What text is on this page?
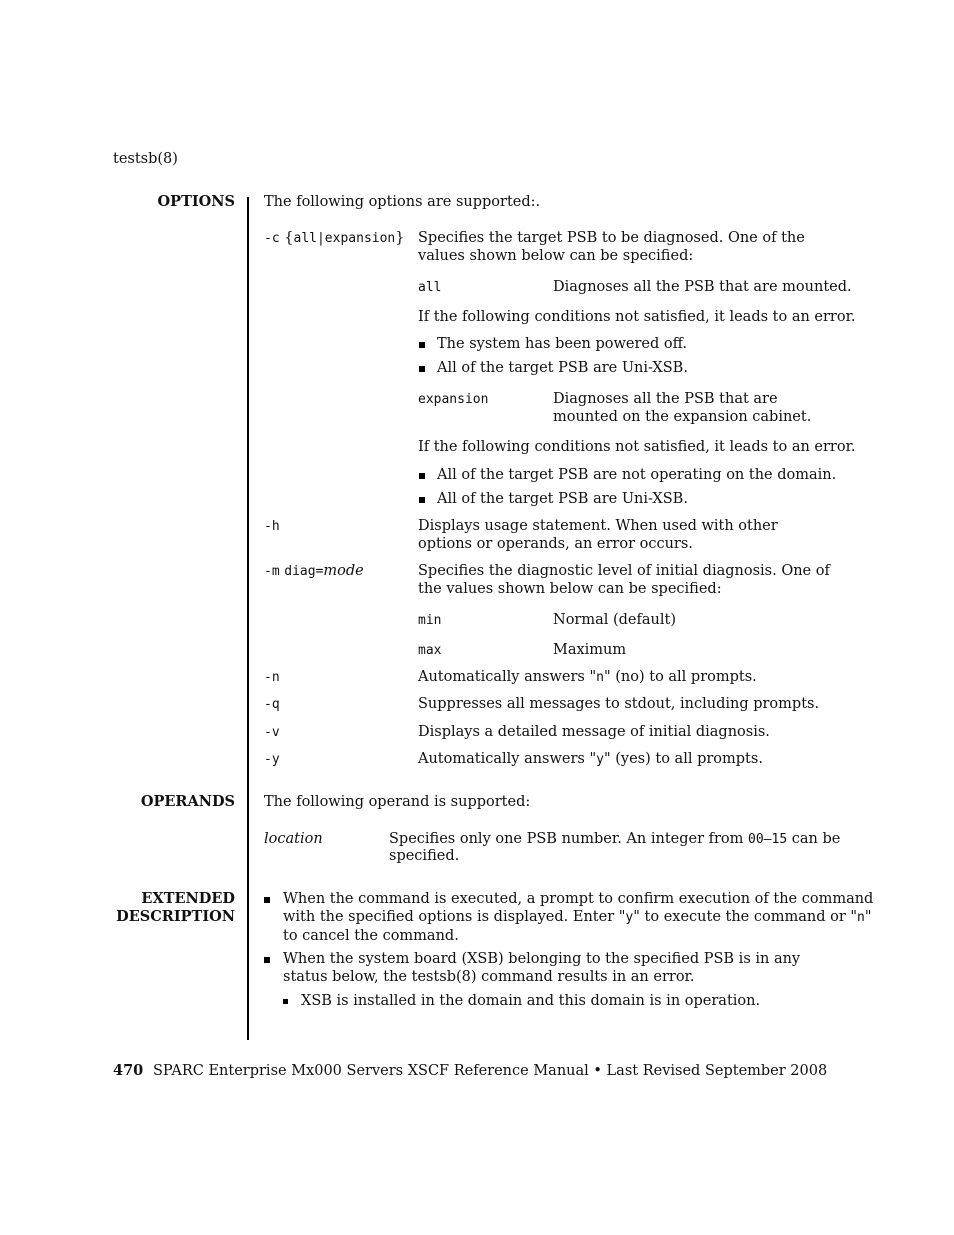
testsb(8)
OPTIONS The following options are supported:.
-c {all|expansion} Specifies the target PSB to be diagnosed. One of the values shown below can be specified:
all	Diagnoses all the PSB that are mounted.
If the following conditions not satisfied, it leads to an error.
The system has been powered off.
All of the target PSB are Uni-XSB.
expansion	Diagnoses all the PSB that are mounted on the expansion cabinet.
If the following conditions not satisfied, it leads to an error.
All of the target PSB are not operating on the domain.
All of the target PSB are Uni-XSB.
-h	Displays usage statement. When used with other options or operands, an error occurs.
-m diag=mode	Specifies the diagnostic level of initial diagnosis. One of the values shown below can be specified:
min	Normal (default)
max	Maximum
-n	Automatically answers "n" (no) to all prompts.
-q	Suppresses all messages to stdout, including prompts.
-v	Displays a detailed message of initial diagnosis.
-y	Automatically answers "y" (yes) to all prompts.
OPERANDS The following operand is supported:
location	Specifies only one PSB number. An integer from 00–15 can be
specified.
EXTENDED
DESCRIPTION
When the command is executed, a prompt to confirm execution of the command
with the specified options is displayed. Enter "y" to execute the command or "n"
to cancel the command.
When the system board (XSB) belonging to the specified PSB is in any status below, the testsb(8) command results in an error.
XSB is installed in the domain and this domain is in operation.
470 SPARC Enterprise Mx000 Servers XSCF Reference Manual • Last Revised September 2008
